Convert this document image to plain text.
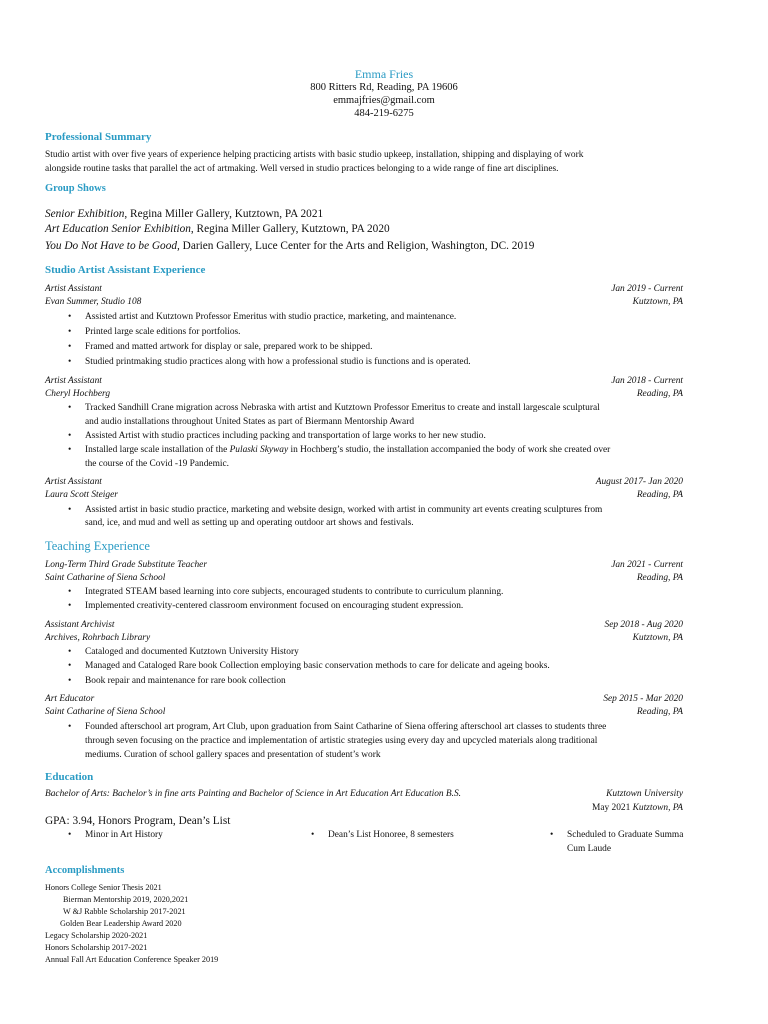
Emma Fries
800 Ritters Rd, Reading, PA 19606
emmajfries@gmail.com
484-219-6275
Professional Summary
Studio artist with over five years of experience helping practicing artists with basic studio upkeep, installation, shipping and displaying of work
alongside routine tasks that parallel the act of artmaking. Well versed in studio practices belonging to a wide range of fine art disciplines.
Group Shows
Senior Exhibition, Regina Miller Gallery, Kutztown, PA 2021
Art Education Senior Exhibition, Regina Miller Gallery, Kutztown, PA 2020
You Do Not Have to be Good, Darien Gallery, Luce Center for the Arts and Religion, Washington, DC. 2019
Studio Artist Assistant Experience
Artist Assistant	Jan 2019 - Current
Evan Summer, Studio 108	Kutztown, PA
• Assisted artist and Kutztown Professor Emeritus with studio practice, marketing, and maintenance.
• Printed large scale editions for portfolios.
• Framed and matted artwork for display or sale, prepared work to be shipped.
• Studied printmaking studio practices along with how a professional studio is functions and is operated.
Artist Assistant	Jan 2018 - Current
Cheryl Hochberg	Reading, PA
• Tracked Sandhill Crane migration across Nebraska with artist and Kutztown Professor Emeritus to create and install largescale sculptural
and audio installations throughout United States as part of Biermann Mentorship Award
• Assisted Artist with studio practices including packing and transportation of large works to her new studio.
• Installed large scale installation of the Pulaski Skyway in Hochberg’s studio, the installation accompanied the body of work she created over
the course of the Covid -19 Pandemic.
Artist Assistant	August 2017- Jan 2020
Laura Scott Steiger	Reading, PA
• Assisted artist in basic studio practice, marketing and website design, worked with artist in community art events creating sculptures from
sand, ice, and mud and well as setting up and operating outdoor art shows and festivals.
Teaching Experience
Long-Term Third Grade Substitute Teacher	Jan 2021 - Current
Saint Catharine of Siena School	Reading, PA
• Integrated STEAM based learning into core subjects, encouraged students to contribute to curriculum planning.
• Implemented creativity-centered classroom environment focused on encouraging student expression.
Assistant Archivist	Sep 2018 - Aug 2020
Archives, Rohrbach Library	Kutztown, PA
• Cataloged and documented Kutztown University History
• Managed and Cataloged Rare book Collection employing basic conservation methods to care for delicate and ageing books.
• Book repair and maintenance for rare book collection
Art Educator	Sep 2015 - Mar 2020
Saint Catharine of Siena School	Reading, PA
• Founded afterschool art program, Art Club, upon graduation from Saint Catharine of Siena offering afterschool art classes to students three
through seven focusing on the practice and implementation of artistic strategies using every day and upcycled materials along traditional
mediums. Curation of school gallery spaces and presentation of student’s work
Education
Bachelor of Arts: Bachelor’s in fine arts Painting and Bachelor of Science in Art Education Art Education B.S.	Kutztown University
May 2021 Kutztown, PA
GPA: 3.94, Honors Program, Dean’s List
• Minor in Art History	• Dean’s List Honoree, 8 semesters	• Scheduled to Graduate Summa
Cum Laude
Accomplishments
Honors College Senior Thesis 2021
Bierman Mentorship 2019, 2020,2021
W &J Rabble Scholarship 2017-2021
Golden Bear Leadership Award 2020
Legacy Scholarship 2020-2021
Honors Scholarship 2017-2021
Annual Fall Art Education Conference Speaker 2019
